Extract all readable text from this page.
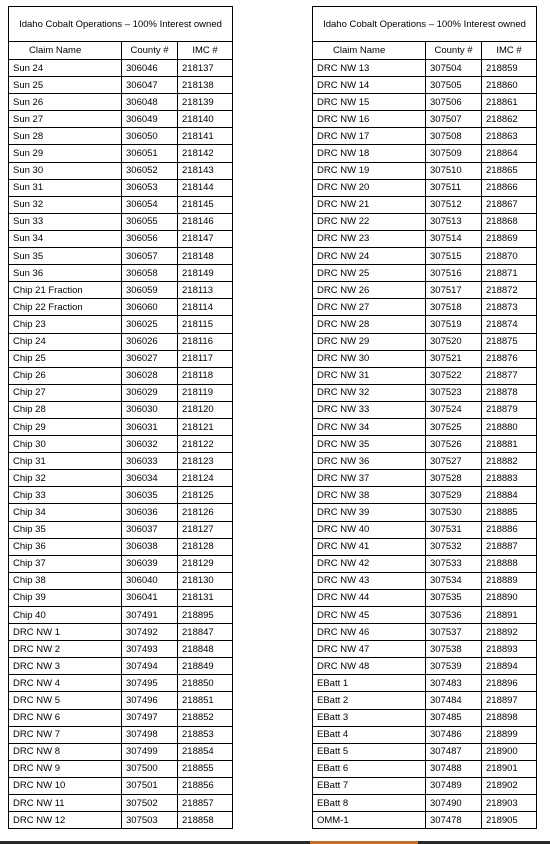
Idaho Cobalt Operations – 100% Interest owned		
Claim Name	County #	IMC #
Sun 24	306046	218137
Sun 25	306047	218138
Sun 26	306048	218139
Sun 27	306049	218140
Sun 28	306050	218141
Sun 29	306051	218142
Sun 30	306052	218143
Sun 31	306053	218144
Sun 32	306054	218145
Sun 33	306055	218146
Sun 34	306056	218147
Sun 35	306057	218148
Sun 36	306058	218149
Chip 21 Fraction	306059	218113
Chip 22 Fraction	306060	218114
Chip 23	306025	218115
Chip 24	306026	218116
Chip 25	306027	218117
Chip 26	306028	218118
Chip 27	306029	218119
Chip 28	306030	218120
Chip 29	306031	218121
Chip 30	306032	218122
Chip 31	306033	218123
Chip 32	306034	218124
Chip 33	306035	218125
Chip 34	306036	218126
Chip 35	306037	218127
Chip 36	306038	218128
Chip 37	306039	218129
Chip 38	306040	218130
Chip 39	306041	218131
Chip 40	307491	218895
DRC NW 1	307492	218847
DRC NW 2	307493	218848
DRC NW 3	307494	218849
DRC NW 4	307495	218850
DRC NW 5	307496	218851
DRC NW 6	307497	218852
DRC NW 7	307498	218853
DRC NW 8	307499	218854
DRC NW 9	307500	218855
DRC NW 10	307501	218856
DRC NW 11	307502	218857
DRC NW 12	307503	218858
Idaho Cobalt Operations – 100% Interest owned		
Claim Name	County #	IMC #
DRC NW 13	307504	218859
DRC NW 14	307505	218860
DRC NW 15	307506	218861
DRC NW 16	307507	218862
DRC NW 17	307508	218863
DRC NW 18	307509	218864
DRC NW 19	307510	218865
DRC NW 20	307511	218866
DRC NW 21	307512	218867
DRC NW 22	307513	218868
DRC NW 23	307514	218869
DRC NW 24	307515	218870
DRC NW 25	307516	218871
DRC NW 26	307517	218872
DRC NW 27	307518	218873
DRC NW 28	307519	218874
DRC NW 29	307520	218875
DRC NW 30	307521	218876
DRC NW 31	307522	218877
DRC NW 32	307523	218878
DRC NW 33	307524	218879
DRC NW 34	307525	218880
DRC NW 35	307526	218881
DRC NW 36	307527	218882
DRC NW 37	307528	218883
DRC NW 38	307529	218884
DRC NW 39	307530	218885
DRC NW 40	307531	218886
DRC NW 41	307532	218887
DRC NW 42	307533	218888
DRC NW 43	307534	218889
DRC NW 44	307535	218890
DRC NW 45	307536	218891
DRC NW 46	307537	218892
DRC NW 47	307538	218893
DRC NW 48	307539	218894
EBatt 1	307483	218896
EBatt 2	307484	218897
EBatt 3	307485	218898
EBatt 4	307486	218899
EBatt 5	307487	218900
EBatt 6	307488	218901
EBatt 7	307489	218902
EBatt 8	307490	218903
OMM-1	307478	218905
